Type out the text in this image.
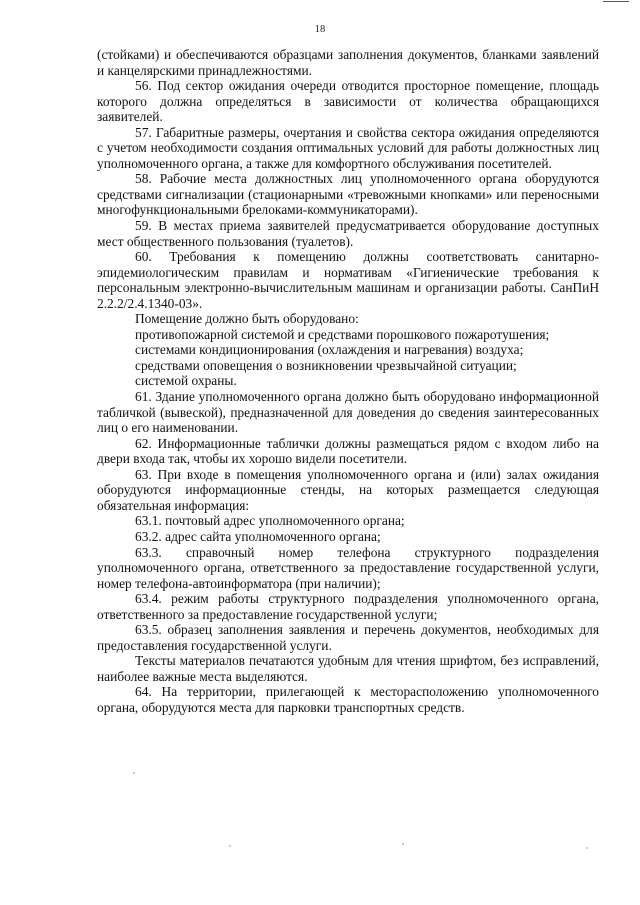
18

(стойками) и обеспечиваются образцами заполнения документов, бланками заявлений и канцелярскими принадлежностями.

56. Под сектор ожидания очереди отводится просторное помещение, площадь которого должна определяться в зависимости от количества обращающихся заявителей.

57. Габаритные размеры, очертания и свойства сектора ожидания определяются с учетом необходимости создания оптимальных условий для работы должностных лиц уполномоченного органа, а также для комфортного обслуживания посетителей.

58. Рабочие места должностных лиц уполномоченного органа оборудуются средствами сигнализации (стационарными «тревожными кнопками» или переносными многофункциональными брелоками-коммуникаторами).

59. В местах приема заявителей предусматривается оборудование доступных мест общественного пользования (туалетов).

60. Требования к помещению должны соответствовать санитарно-эпидемиологическим правилам и нормативам «Гигиенические требования к персональным электронно-вычислительным машинам и организации работы. СанПиН 2.2.2/2.4.1340-03».

Помещение должно быть оборудовано:

противопожарной системой и средствами порошкового пожаротушения;

системами кондиционирования (охлаждения и нагревания) воздуха;

средствами оповещения о возникновении чрезвычайной ситуации;

системой охраны.

61. Здание уполномоченного органа должно быть оборудовано информационной табличкой (вывеской), предназначенной для доведения до сведения заинтересованных лиц о его наименовании.

62. Информационные таблички должны размещаться рядом с входом либо на двери входа так, чтобы их хорошо видели посетители.

63. При входе в помещения уполномоченного органа и (или) залах ожидания оборудуются информационные стенды, на которых размещается следующая обязательная информация:

63.1. почтовый адрес уполномоченного органа;

63.2. адрес сайта уполномоченного органа;

63.3. справочный номер телефона структурного подразделения уполномоченного органа, ответственного за предоставление государственной услуги, номер телефона-автоинформатора (при наличии);

63.4. режим работы структурного подразделения уполномоченного органа, ответственного за предоставление государственной услуги;

63.5. образец заполнения заявления и перечень документов, необходимых для предоставления государственной услуги.

Тексты материалов печатаются удобным для чтения шрифтом, без исправлений, наиболее важные места выделяются.

64. На территории, прилегающей к месторасположению уполномоченного органа, оборудуются места для парковки транспортных средств.
